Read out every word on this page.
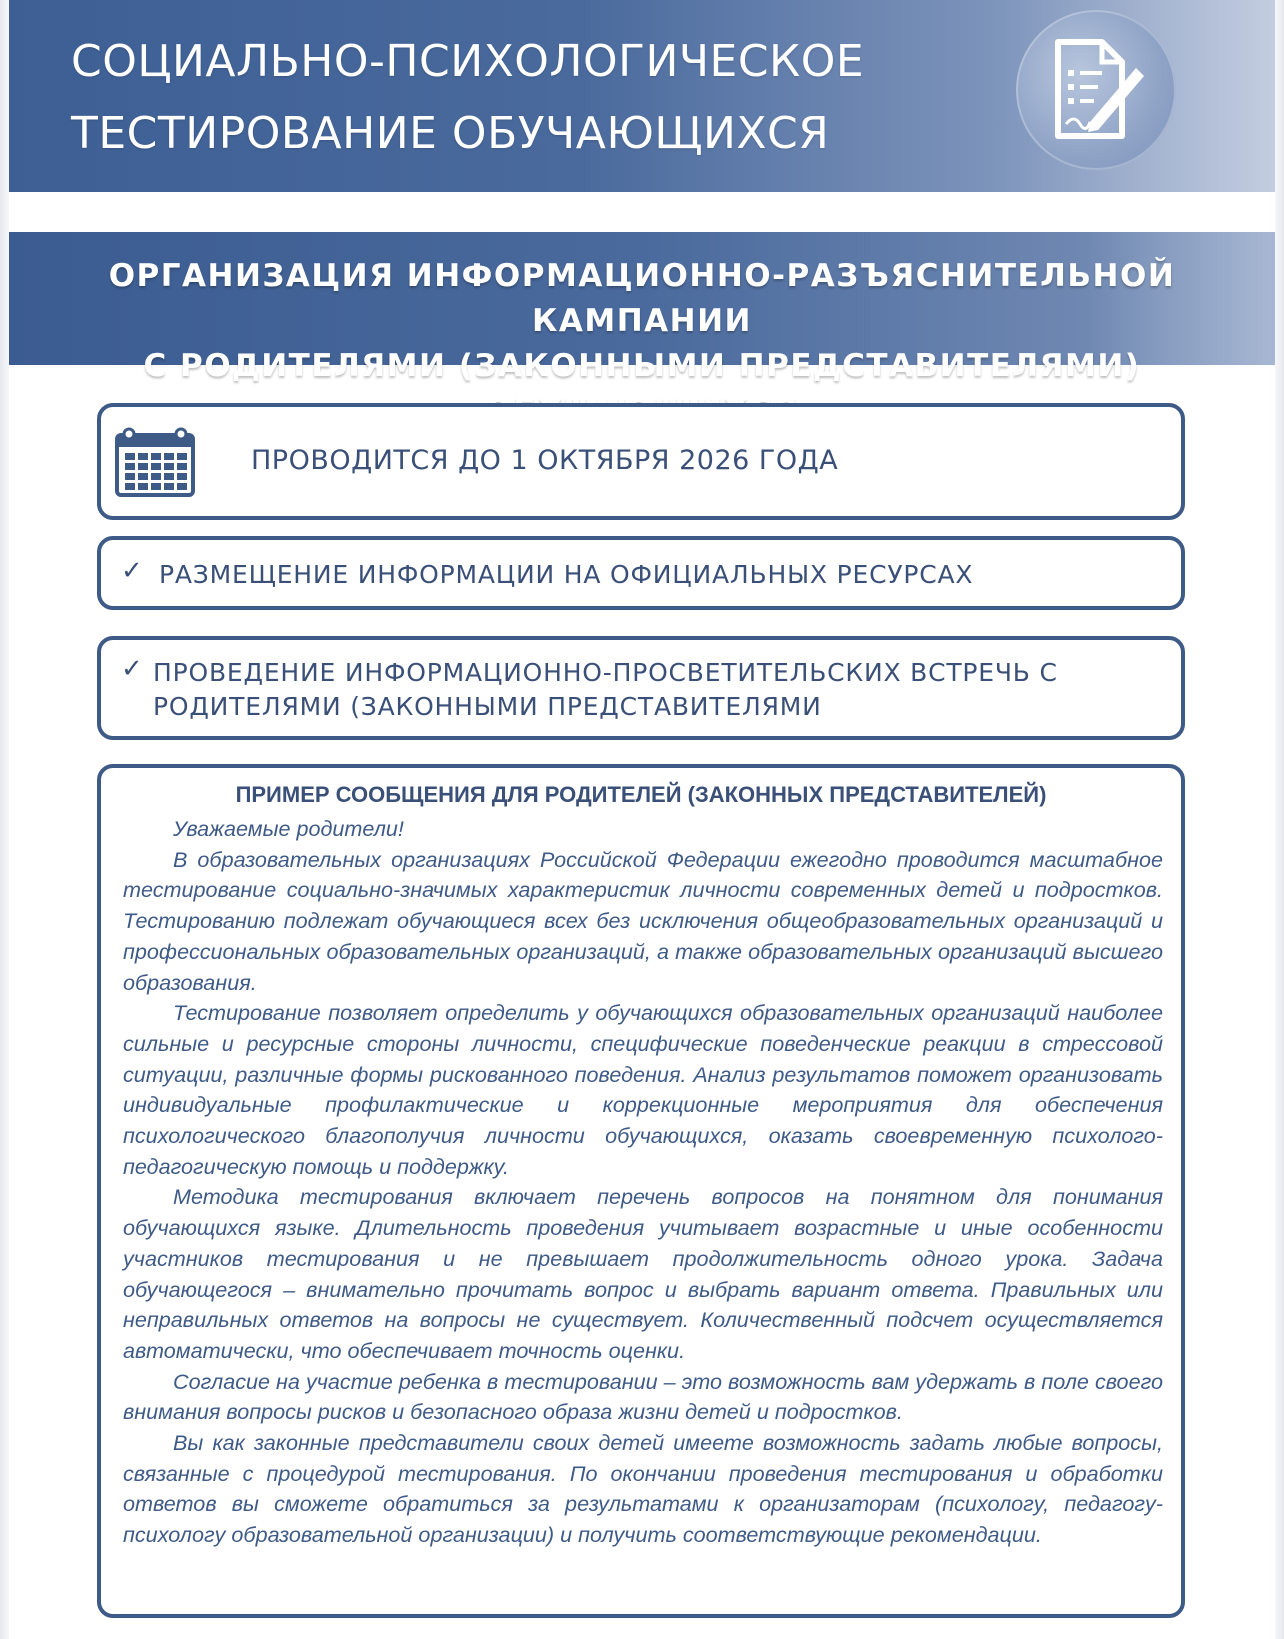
СОЦИАЛЬНО-ПСИХОЛОГИЧЕСКОЕ
ТЕСТИРОВАНИЕ ОБУЧАЮЩИХСЯ
ОРГАНИЗАЦИЯ ИНФОРМАЦИОННО-РАЗЪЯСНИТЕЛЬНОЙ КАМПАНИИ
С РОДИТЕЛЯМИ (ЗАКОННЫМИ ПРЕДСТАВИТЕЛЯМИ)
ПРОВОДИТСЯ ДО 1 ОКТЯБРЯ 2026 ГОДА
✓ РАЗМЕЩЕНИЕ ИНФОРМАЦИИ НА ОФИЦИАЛЬНЫХ РЕСУРСАХ
✓ ПРОВЕДЕНИЕ ИНФОРМАЦИОННО-ПРОСВЕТИТЕЛЬСКИХ ВСТРЕЧЬ С
РОДИТЕЛЯМИ (ЗАКОННЫМИ ПРЕДСТАВИТЕЛЯМИ

ПРИМЕР СООБЩЕНИЯ ДЛЯ РОДИТЕЛЕЙ (ЗАКОННЫХ ПРЕДСТАВИТЕЛЕЙ)

Уважаемые родители!

В образовательных организациях Российской Федерации ежегодно проводится масштабное тестирование социально-значимых характеристик личности современных детей и подростков. Тестированию подлежат обучающиеся всех без исключения общеобразовательных организаций и профессиональных образовательных организаций, а также образовательных организаций высшего образования.

Тестирование позволяет определить у обучающихся образовательных организаций наиболее сильные и ресурсные стороны личности, специфические поведенческие реакции в стрессовой ситуации, различные формы рискованного поведения. Анализ результатов поможет организовать индивидуальные профилактические и коррекционные мероприятия для обеспечения психологического благополучия личности обучающихся, оказать своевременную психолого-педагогическую помощь и поддержку.

Методика тестирования включает перечень вопросов на понятном для понимания обучающихся языке. Длительность проведения учитывает возрастные и иные особенности участников тестирования и не превышает продолжительность одного урока. Задача обучающегося – внимательно прочитать вопрос и выбрать вариант ответа. Правильных или неправильных ответов на вопросы не существует. Количественный подсчет осуществляется автоматически, что обеспечивает точность оценки.

Согласие на участие ребенка в тестировании – это возможность вам удержать в поле своего внимания вопросы рисков и безопасного образа жизни детей и подростков.

Вы как законные представители своих детей имеете возможность задать любые вопросы, связанные с процедурой тестирования. По окончании проведения тестирования и обработки ответов вы сможете обратиться за результатами к организаторам (психологу, педагогу-психологу образовательной организации) и получить соответствующие рекомендации.
